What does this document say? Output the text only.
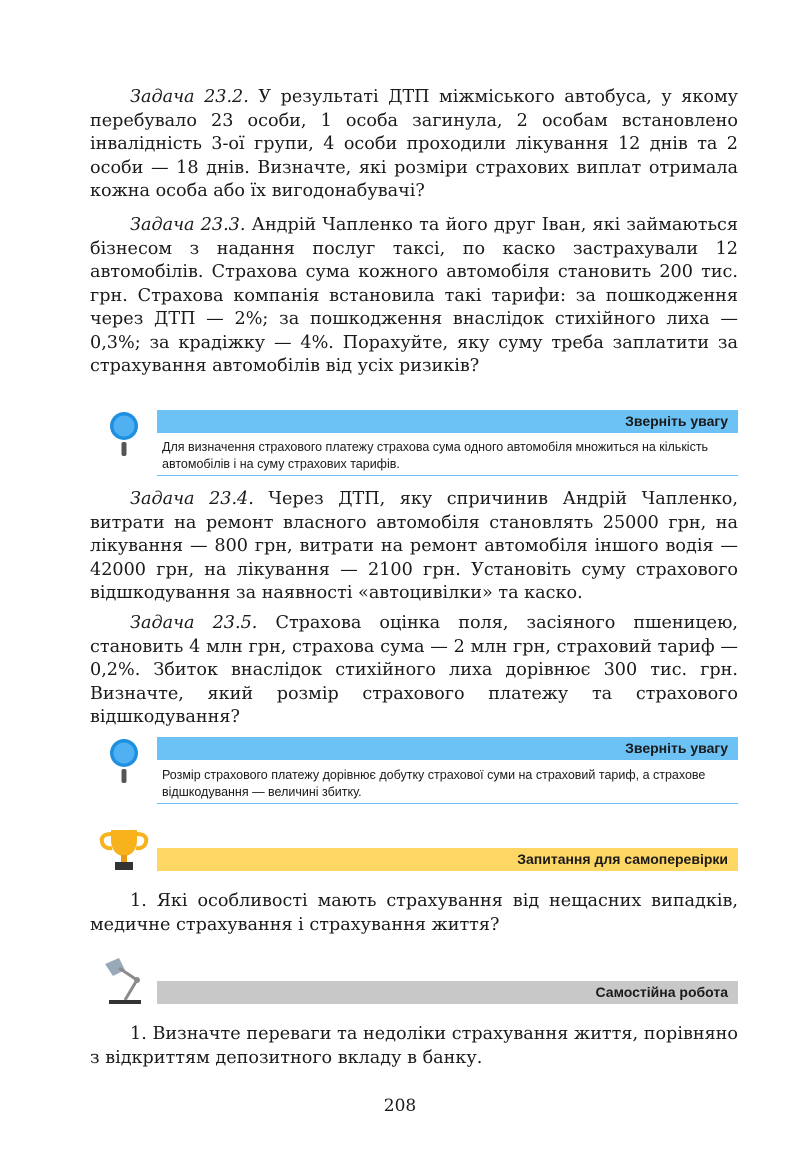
Задача 23.2. У результаті ДТП міжміського автобуса, у якому перебувало 23 особи, 1 особа загинула, 2 особам встановлено інвалідність 3-ої групи, 4 особи проходили лікування 12 днів та 2 особи — 18 днів. Визначте, які розміри страхових виплат отримала кожна особа або їх вигодонабувачі?

Задача 23.3. Андрій Чапленко та його друг Іван, які займаються бізнесом з надання послуг таксі, по каско застрахували 12 автомобілів. Страхова сума кожного автомобіля становить 200 тис. грн. Страхова компанія встановила такі тарифи: за пошкодження через ДТП — 2%; за пошкодження внаслідок стихійного лиха — 0,3%; за крадіжку — 4%. Порахуйте, яку суму треба заплатити за страхування автомобілів від усіх ризиків?

Зверніть увагу

Для визначення страхового платежу страхова сума одного автомобіля множиться на кількість автомобілів і на суму страхових тарифів.

Задача 23.4. Через ДТП, яку спричинив Андрій Чапленко, витрати на ремонт власного автомобіля становлять 25000 грн, на лікування — 800 грн, витрати на ремонт автомобіля іншого водія — 42000 грн, на лікування — 2100 грн. Установіть суму страхового відшкодування за наявності «автоцивілки» та каско.

Задача 23.5. Страхова оцінка поля, засіяного пшеницею, становить 4 млн грн, страхова сума — 2 млн грн, страховий тариф — 0,2%. Збиток внаслідок стихійного лиха дорівнює 300 тис. грн. Визначте, який розмір страхового платежу та страхового відшкодування?

Зверніть увагу

Розмір страхового платежу дорівнює добутку страхової суми на страховий тариф, а страхове відшкодування — величині збитку.

Запитання для самоперевірки

1. Які особливості мають страхування від нещасних випадків, медичне страхування і страхування життя?

Самостійна робота

1. Визначте переваги та недоліки страхування життя, порівняно з відкриттям депозитного вкладу в банку.

208
